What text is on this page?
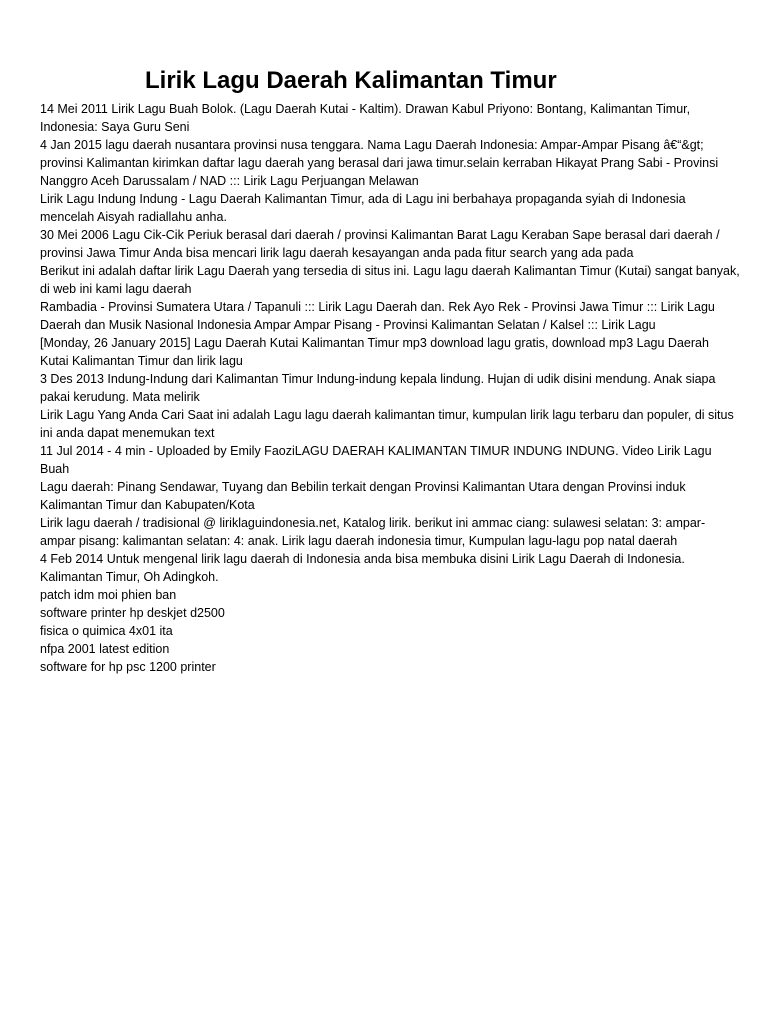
Lirik Lagu Daerah Kalimantan Timur

14 Mei 2011 Lirik Lagu Buah Bolok. (Lagu Daerah Kutai - Kaltim). Drawan Kabul Priyono: Bontang, Kalimantan Timur, Indonesia: Saya Guru Seni

4 Jan 2015 lagu daerah nusantara provinsi nusa tenggara. Nama Lagu Daerah Indonesia: Ampar-Ampar Pisang â€“&gt; provinsi Kalimantan kirimkan daftar lagu daerah yang berasal dari jawa timur.selain kerraban Hikayat Prang Sabi - Provinsi Nanggro Aceh Darussalam / NAD ::: Lirik Lagu Perjuangan Melawan

Lirik Lagu Indung Indung - Lagu Daerah Kalimantan Timur, ada di Lagu ini berbahaya propaganda syiah di Indonesia mencelah Aisyah radiallahu anha.

30 Mei 2006 Lagu Cik-Cik Periuk berasal dari daerah / provinsi Kalimantan Barat Lagu Keraban Sape berasal dari daerah / provinsi Jawa Timur Anda bisa mencari lirik lagu daerah kesayangan anda pada fitur search yang ada pada

Berikut ini adalah daftar lirik Lagu Daerah yang tersedia di situs ini. Lagu lagu daerah Kalimantan Timur (Kutai) sangat banyak, di web ini kami lagu daerah

Rambadia - Provinsi Sumatera Utara / Tapanuli ::: Lirik Lagu Daerah dan. Rek Ayo Rek - Provinsi Jawa Timur ::: Lirik Lagu Daerah dan Musik Nasional Indonesia Ampar Ampar Pisang - Provinsi Kalimantan Selatan / Kalsel ::: Lirik Lagu

[Monday, 26 January 2015] Lagu Daerah Kutai Kalimantan Timur mp3 download lagu gratis, download mp3 Lagu Daerah Kutai Kalimantan Timur dan lirik lagu

3 Des 2013 Indung-Indung dari Kalimantan Timur Indung-indung kepala lindung. Hujan di udik disini mendung. Anak siapa pakai kerudung. Mata melirik

Lirik Lagu Yang Anda Cari Saat ini adalah Lagu lagu daerah kalimantan timur, kumpulan lirik lagu terbaru dan populer, di situs ini anda dapat menemukan text

11 Jul 2014 - 4 min - Uploaded by Emily FaoziLAGU DAERAH KALIMANTAN TIMUR INDUNG INDUNG. Video Lirik Lagu Buah

Lagu daerah: Pinang Sendawar, Tuyang dan Bebilin terkait dengan Provinsi Kalimantan Utara dengan Provinsi induk Kalimantan Timur dan Kabupaten/Kota

Lirik lagu daerah / tradisional @ liriklaguindonesia.net, Katalog lirik. berikut ini ammac ciang: sulawesi selatan: 3: ampar-ampar pisang: kalimantan selatan: 4: anak. Lirik lagu daerah indonesia timur, Kumpulan lagu-lagu pop natal daerah

4 Feb 2014 Untuk mengenal lirik lagu daerah di Indonesia anda bisa membuka disini Lirik Lagu Daerah di Indonesia. Kalimantan Timur, Oh Adingkoh.

patch idm moi phien ban

software printer hp deskjet d2500

fisica o quimica 4x01 ita

nfpa 2001 latest edition

software for hp psc 1200 printer
